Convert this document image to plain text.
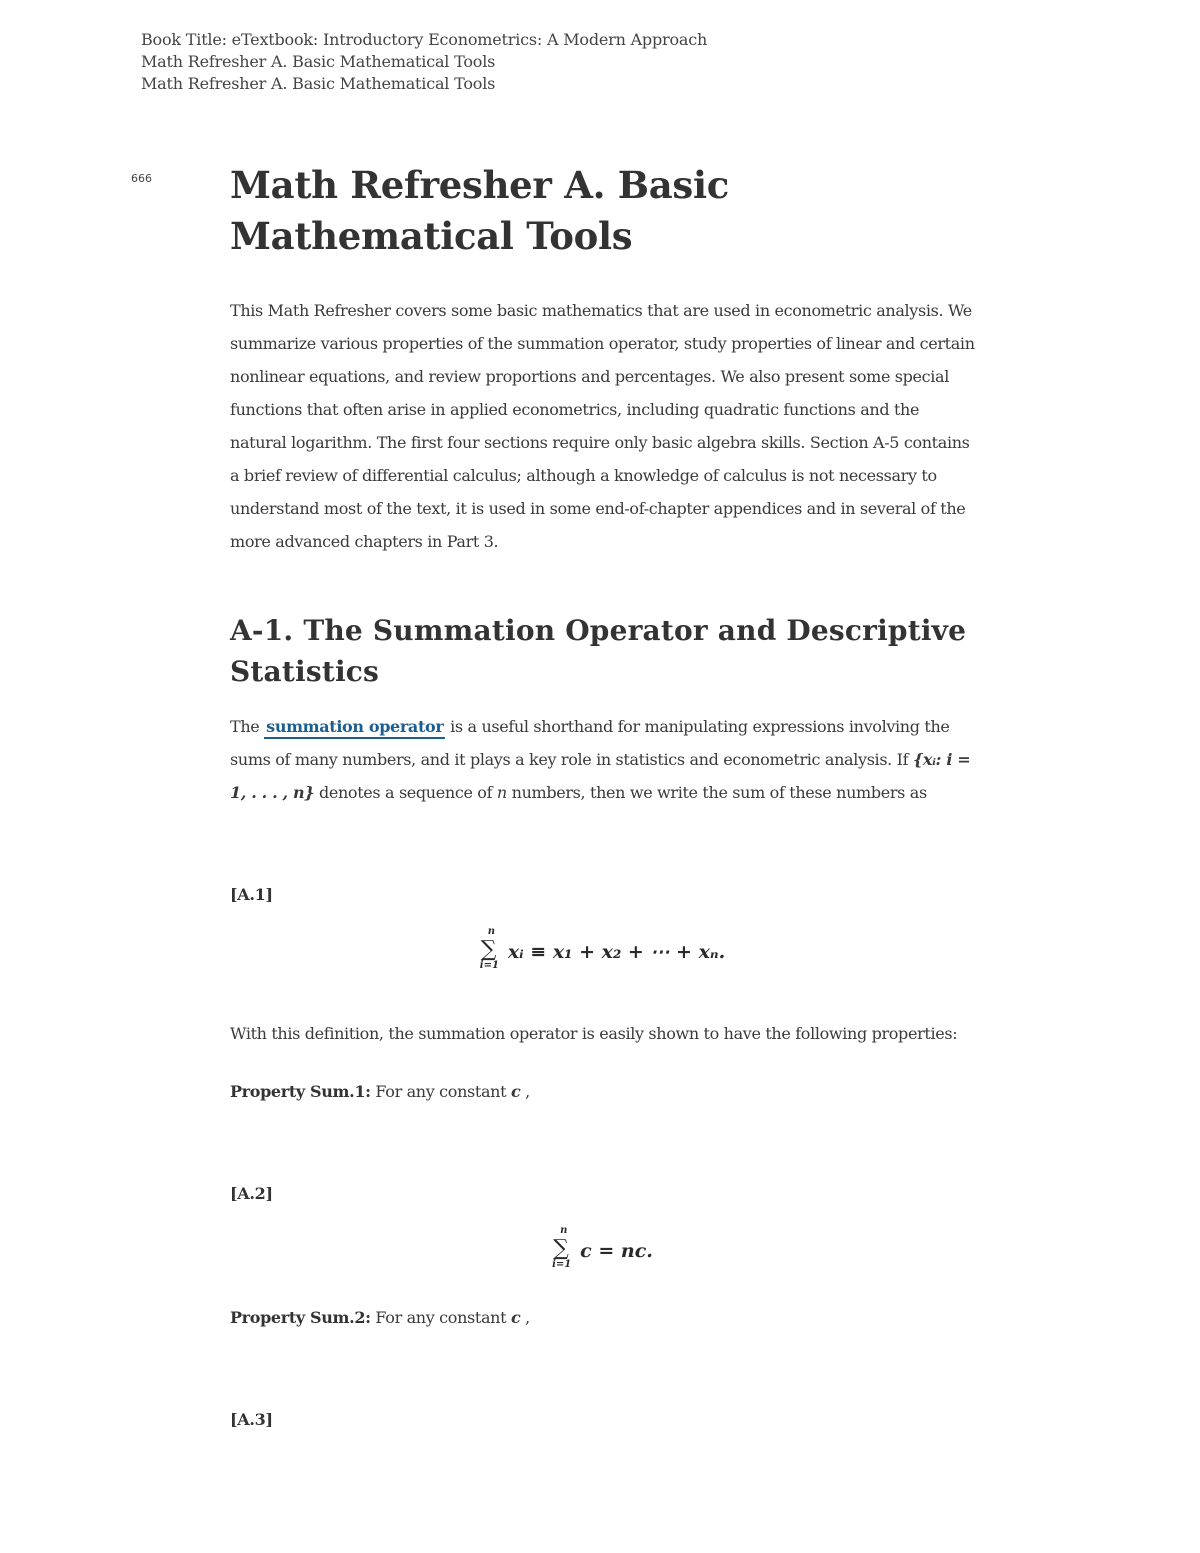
Book Title: eTextbook: Introductory Econometrics: A Modern Approach
Math Refresher A. Basic Mathematical Tools
Math Refresher A. Basic Mathematical Tools
666 Math Refresher A. Basic Mathematical Tools

This Math Refresher covers some basic mathematics that are used in econometric analysis. We summarize various properties of the summation operator, study properties of linear and certain nonlinear equations, and review proportions and percentages. We also present some special functions that often arise in applied econometrics, including quadratic functions and the natural logarithm. The first four sections require only basic algebra skills. Section A-5 contains a brief review of differential calculus; although a knowledge of calculus is not necessary to understand most of the text, it is used in some end-of-chapter appendices and in several of the more advanced chapters in Part 3.

A-1. The Summation Operator and Descriptive Statistics

The summation operator is a useful shorthand for manipulating expressions involving the sums of many numbers, and it plays a key role in statistics and econometric analysis. If {xᵢ: i = 1, . . . , n} denotes a sequence of n numbers, then we write the sum of these numbers as

[A.1]
n
∑
i=1
xᵢ ≡ x₁ + x₂ + ⋯ + xₙ.

With this definition, the summation operator is easily shown to have the following properties:

Property Sum.1: For any constant c ,

[A.2]
n
∑
i=1
c = nc.

Property Sum.2: For any constant c ,

[A.3]
